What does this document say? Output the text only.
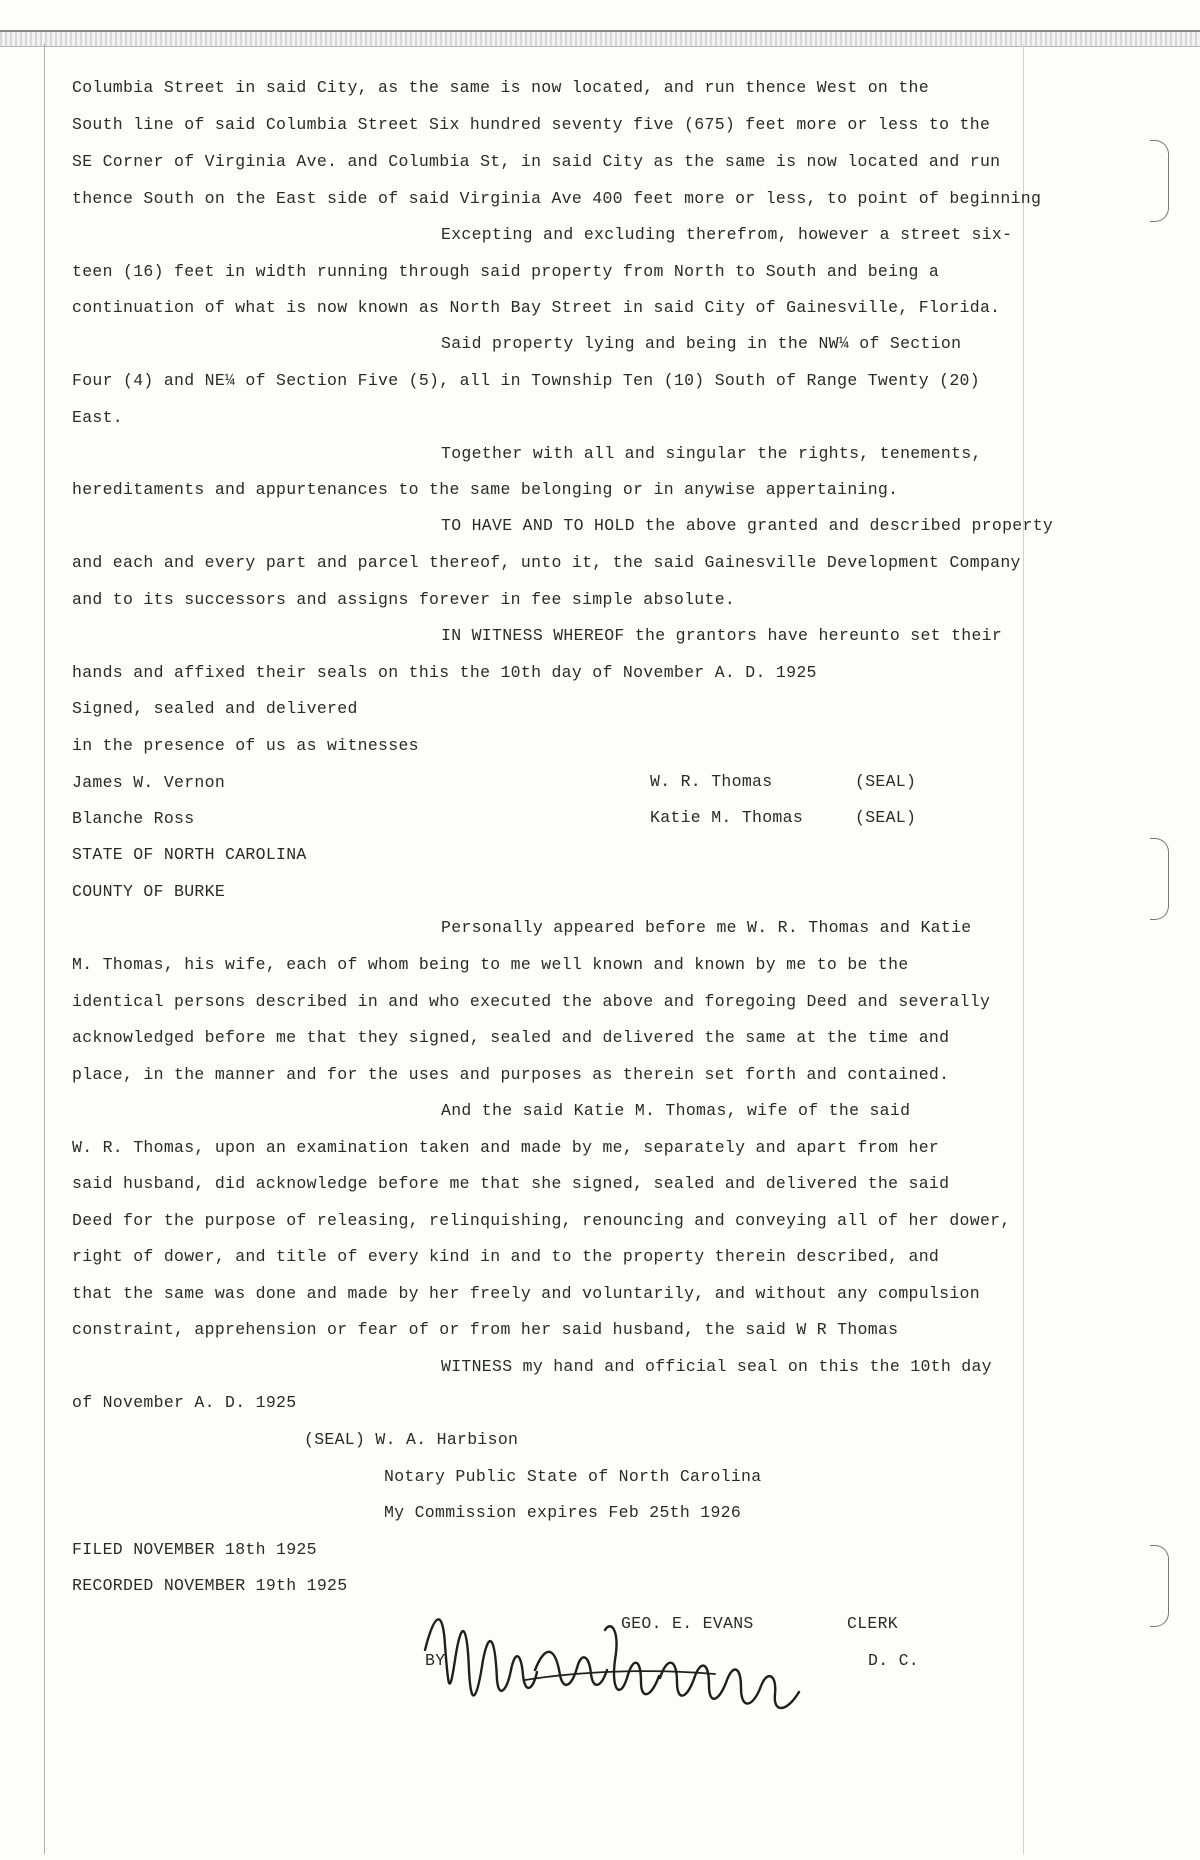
Columbia Street in said City, as the same is now located, and run thence West on the
South line of said Columbia Street Six hundred seventy five (675) feet more or less to the
SE Corner of Virginia Ave. and Columbia St, in said City as the same is now located and run
thence South on the East side of said Virginia Ave 400 feet more or less, to point of beginning
Excepting and excluding therefrom, however a street six-
teen (16) feet in width running through said property from North to South and being a
continuation of what is now known as North Bay Street in said City of Gainesville, Florida.
Said property lying and being in the NW¼ of Section
Four (4) and NE¼ of Section Five (5), all in Township Ten (10) South of Range Twenty (20)
East.
Together with all and singular the rights, tenements,
hereditaments and appurtenances to the same belonging or in anywise appertaining.
TO HAVE AND TO HOLD the above granted and described property
and each and every part and parcel thereof, unto it, the said Gainesville Development Company
and to its successors and assigns forever in fee simple absolute.
IN WITNESS WHEREOF the grantors have hereunto set their
hands and affixed their seals on this the 10th day of November A. D. 1925
Signed, sealed and delivered
in the presence of us as witnesses
James W. Vernon	W. R. Thomas	(SEAL)
Blanche Ross	Katie M. Thomas	(SEAL)
STATE OF NORTH CAROLINA
COUNTY OF BURKE
Personally appeared before me W. R. Thomas and Katie
M. Thomas, his wife, each of whom being to me well known and known by me to be the
identical persons described in and who executed the above and foregoing Deed and severally
acknowledged before me that they signed, sealed and delivered the same at the time and
place, in the manner and for the uses and purposes as therein set forth and contained.
And the said Katie M. Thomas, wife of the said
W. R. Thomas, upon an examination taken and made by me, separately and apart from her
said husband, did acknowledge before me that she signed, sealed and delivered the said
Deed for the purpose of releasing, relinquishing, renouncing and conveying all of her dower,
right of dower, and title of every kind in and to the property therein described, and
that the same was done and made by her freely and voluntarily, and without any compulsion
constraint, apprehension or fear of or from her said husband, the said W R Thomas
WITNESS my hand and official seal on this the 10th day
of November A. D. 1925
(SEAL) W. A. Harbison
Notary Public State of North Carolina
My Commission expires Feb 25th 1926
FILED NOVEMBER 18th 1925
RECORDED NOVEMBER 19th 1925
GEO. E. EVANS	CLERK
BY	D. C.
